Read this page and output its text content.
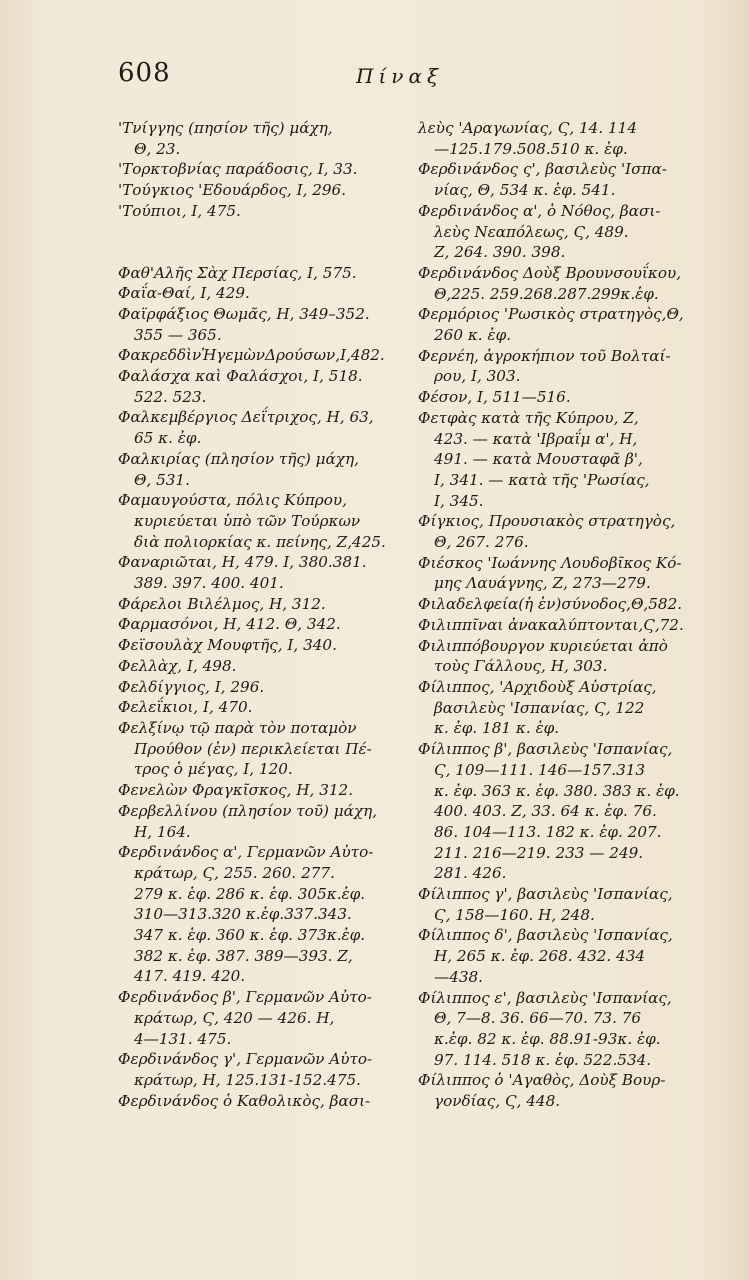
608	Πίναξ
'Τνίγγης (πησίον τῆς) μάχη,
Θ, 23.
'Τορκτοβνίας παράδοσις, Ι, 33.
'Τούγκιος 'Εδουάρδος, Ι, 296.
'Τούπιοι, Ι, 475.
Φαθ'Αλῆς Σὰχ Περσίας, Ι, 575.
Φαΐα-Θαί, Ι, 429.
Φαϊρφάξιος Θωμᾶς, Η, 349–352.
355 — 365.
ΦακρεδδὶνἩγεμὼνΔρούσων,Ι,482.
Φαλάσχα καὶ Φαλάσχοι, Ι, 518.
522. 523.
Φαλκεμβέργιος Δεΐτριχος, Η, 63,
65 κ. ἑφ.
Φαλκιρίας (πλησίον τῆς) μάχη,
Θ, 531.
Φαμαυγούστα, πόλις Κύπρου,
κυριεύεται ὑπὸ τῶν Τούρκων
διὰ πολιορκίας κ. πείνης, Ζ,425.
Φαναριῶται, Η, 479. Ι, 380.381.
389. 397. 400. 401.
Φάρελοι Βιλέλμος, Η, 312.
Φαρμασόνοι, Η, 412. Θ, 342.
Φεϊσουλὰχ Μουφτῆς, Ι, 340.
Φελλὰχ, Ι, 498.
Φελδίγγιος, Ι, 296.
Φελεΐκιοι, Ι, 470.
Φελξίνῳ τῷ παρὰ τὸν ποταμὸν
Προύθον (ἐν) περικλείεται Πέ-
τρος ὁ μέγας, Ι, 120.
Φενελὼν Φραγκῖσκος, Η, 312.
Φερβελλίνου (πλησίον τοῦ) μάχη,
Η, 164.
Φερδινάνδος α', Γερμανῶν Αὐτο-
κράτωρ, Ϛ, 255. 260. 277.
279 κ. ἑφ. 286 κ. ἑφ. 305κ.ἑφ.
310—313.320 κ.ἑφ.337.343.
347 κ. ἑφ. 360 κ. ἑφ. 373κ.ἑφ.
382 κ. ἑφ. 387. 389—393. Ζ,
417. 419. 420.
Φερδινάνδος β', Γερμανῶν Αὐτο-
κράτωρ, Ϛ, 420 — 426. Η,
4—131. 475.
Φερδινάνδος γ', Γερμανῶν Αὐτο-
κράτωρ, Η, 125.131-152.475.
Φερδινάνδος ὁ Καθολικὸς, βασι-
λεὺς 'Αραγωνίας, Ϛ, 14. 114
—125.179.508.510 κ. ἑφ.
Φερδινάνδος ς', βασιλεὺς 'Ισπα-
νίας, Θ, 534 κ. ἑφ. 541.
Φερδινάνδος α', ὁ Νόθος, βασι-
λεὺς Νεαπόλεως, Ϛ, 489.
Ζ, 264. 390. 398.
Φερδινάνδος Δοὺξ Βρουνσουΐκου,
Θ,225. 259.268.287.299κ.ἑφ.
Φερμόριος 'Ρωσικὸς στρατηγὸς,Θ,
260 κ. ἑφ.
Φερνέη, ἀγροκήπιον τοῦ Βολταί-
ρου, Ι, 303.
Φέσον, Ι, 511—516.
Φετφὰς κατὰ τῆς Κύπρου, Ζ,
423. — κατὰ 'Ιβραΐμ α', Η,
491. — κατὰ Μουσταφᾶ β',
Ι, 341. — κατὰ τῆς 'Ρωσίας,
Ι, 345.
Φίγκιος, Προυσιακὸς στρατηγὸς,
Θ, 267. 276.
Φιέσκος 'Ιωάννης Λουδοβῖκος Κό-
μης Λαυάγνης, Ζ, 273—279.
Φιλαδελφεία(ἡ ἐν)σύνοδος,Θ,582.
Φιλιππῖναι ἀνακαλύπτονται,Ϛ,72.
Φιλιππόβουργον κυριεύεται ἀπὸ
τοὺς Γάλλους, Η, 303.
Φίλιππος, 'Αρχιδοὺξ Αὐστρίας,
βασιλεὺς 'Ισπανίας, Ϛ, 122
κ. ἑφ. 181 κ. ἑφ.
Φίλιππος β', βασιλεὺς 'Ισπανίας,
Ϛ, 109—111. 146—157.313
κ. ἑφ. 363 κ. ἑφ. 380. 383 κ. ἑφ.
400. 403. Ζ, 33. 64 κ. ἑφ. 76.
86. 104—113. 182 κ. ἑφ. 207.
211. 216—219. 233 — 249.
281. 426.
Φίλιππος γ', βασιλεὺς 'Ισπανίας,
Ϛ, 158—160. Η, 248.
Φίλιππος δ', βασιλεὺς 'Ισπανίας,
Η, 265 κ. ἑφ. 268. 432. 434
—438.
Φίλιππος ε', βασιλεὺς 'Ισπανίας,
Θ, 7—8. 36. 66—70. 73. 76
κ.ἑφ. 82 κ. ἑφ. 88.91-93κ. ἑφ.
97. 114. 518 κ. ἑφ. 522.534.
Φίλιππος ὁ 'Αγαθὸς, Δοὺξ Βουρ-
γονδίας, Ϛ, 448.
